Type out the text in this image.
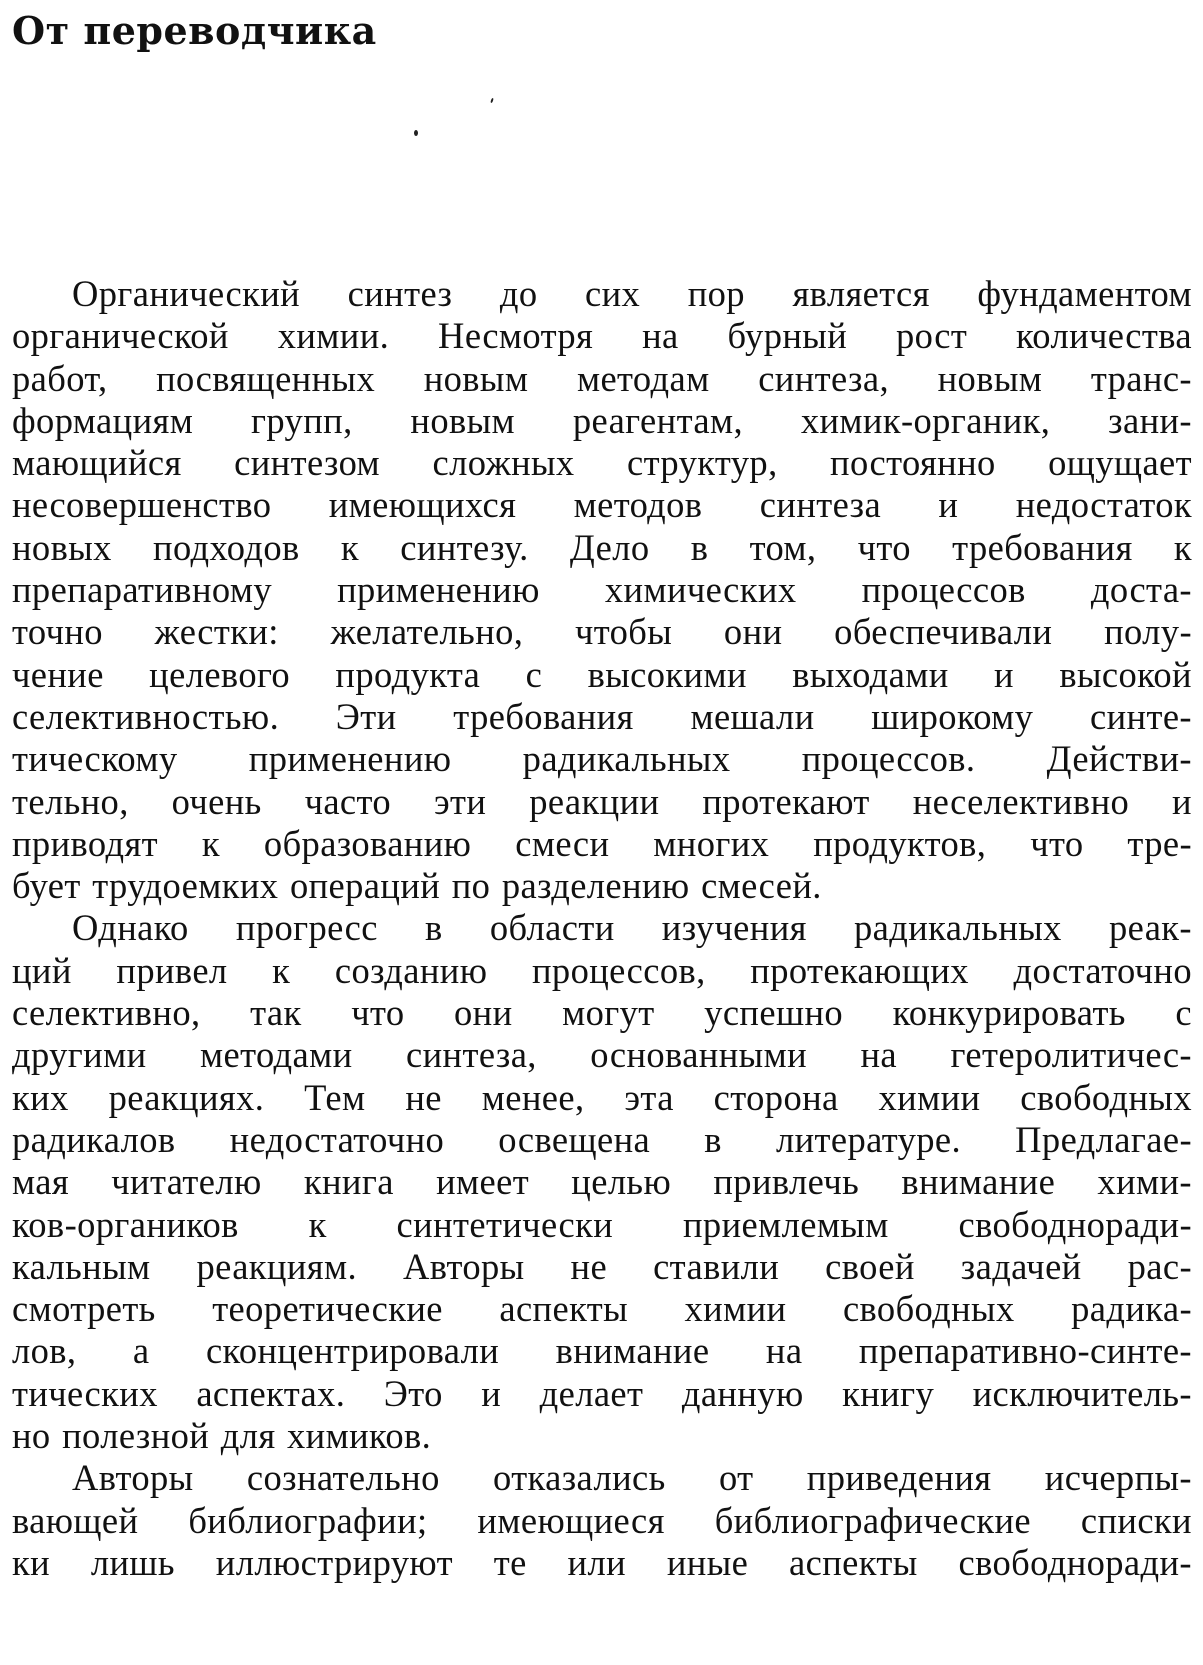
От переводчика
Органический синтез до сих пор является фундаментом
органической химии. Несмотря на бурный рост количества
работ, посвященных новым методам синтеза, новым транс-
формациям групп, новым реагентам, химик-органик, зани-
мающийся синтезом сложных структур, постоянно ощущает
несовершенство имеющихся методов синтеза и недостаток
новых подходов к синтезу. Дело в том, что требования к
препаративному применению химических процессов доста-
точно жестки: желательно, чтобы они обеспечивали полу-
чение целевого продукта с высокими выходами и высокой
селективностью. Эти требования мешали широкому синте-
тическому применению радикальных процессов. Действи-
тельно, очень часто эти реакции протекают неселективно и
приводят к образованию смеси многих продуктов, что тре-
бует трудоемких операций по разделению смесей.
Однако прогресс в области изучения радикальных реак-
ций привел к созданию процессов, протекающих достаточно
селективно, так что они могут успешно конкурировать с
другими методами синтеза, основанными на гетеролитичес-
ких реакциях. Тем не менее, эта сторона химии свободных
радикалов недостаточно освещена в литературе. Предлагае-
мая читателю книга имеет целью привлечь внимание хими-
ков-органиков к синтетически приемлемым свободноради-
кальным реакциям. Авторы не ставили своей задачей рас-
смотреть теоретические аспекты химии свободных радика-
лов, а сконцентрировали внимание на препаративно-синте-
тических аспектах. Это и делает данную книгу исключитель-
но полезной для химиков.
Авторы сознательно отказались от приведения исчерпы-
вающей библиографии; имеющиеся библиографические списки
ки лишь иллюстрируют те или иные аспекты свободноради-
